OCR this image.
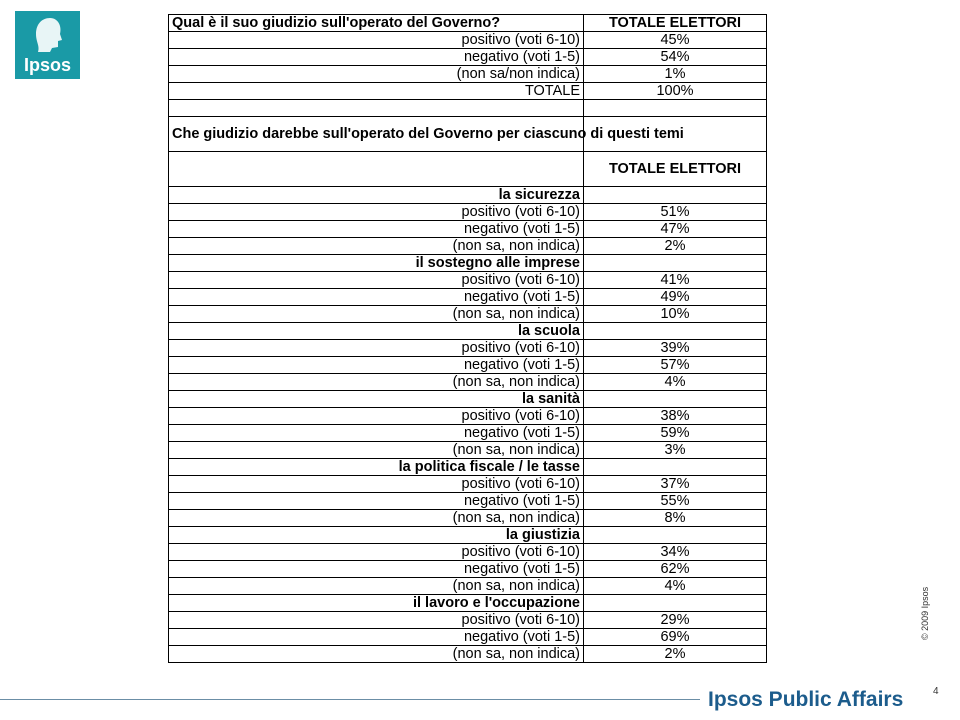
Ipsos
Qual è il suo giudizio sull'operato del Governo?	TOTALE ELETTORI

positivo (voti 6-10)	45%
negativo (voti 1-5)	54%
(non sa/non indica)	1%
TOTALE	100%

Che giudizio darebbe sull'operato del Governo per ciascuno di questi temi	
	TOTALE ELETTORI
la sicurezza	
positivo (voti 6-10)	51%
negativo (voti 1-5)	47%
(non sa, non indica)	2%
il sostegno alle imprese	
positivo (voti 6-10)	41%
negativo (voti 1-5)	49%
(non sa, non indica)	10%
la scuola	
positivo (voti 6-10)	39%
negativo (voti 1-5)	57%
(non sa, non indica)	4%
la sanità	
positivo (voti 6-10)	38%
negativo (voti 1-5)	59%
(non sa, non indica)	3%
la politica fiscale / le tasse	
positivo (voti 6-10)	37%
negativo (voti 1-5)	55%
(non sa, non indica)	8%
la giustizia	
positivo (voti 6-10)	34%
negativo (voti 1-5)	62%
(non sa, non indica)	4%
il lavoro e l'occupazione	
positivo (voti 6-10)	29%
negativo (voti 1-5)	69%
(non sa, non indica)	2%
© 2009 Ipsos
4
Ipsos Public Affairs
